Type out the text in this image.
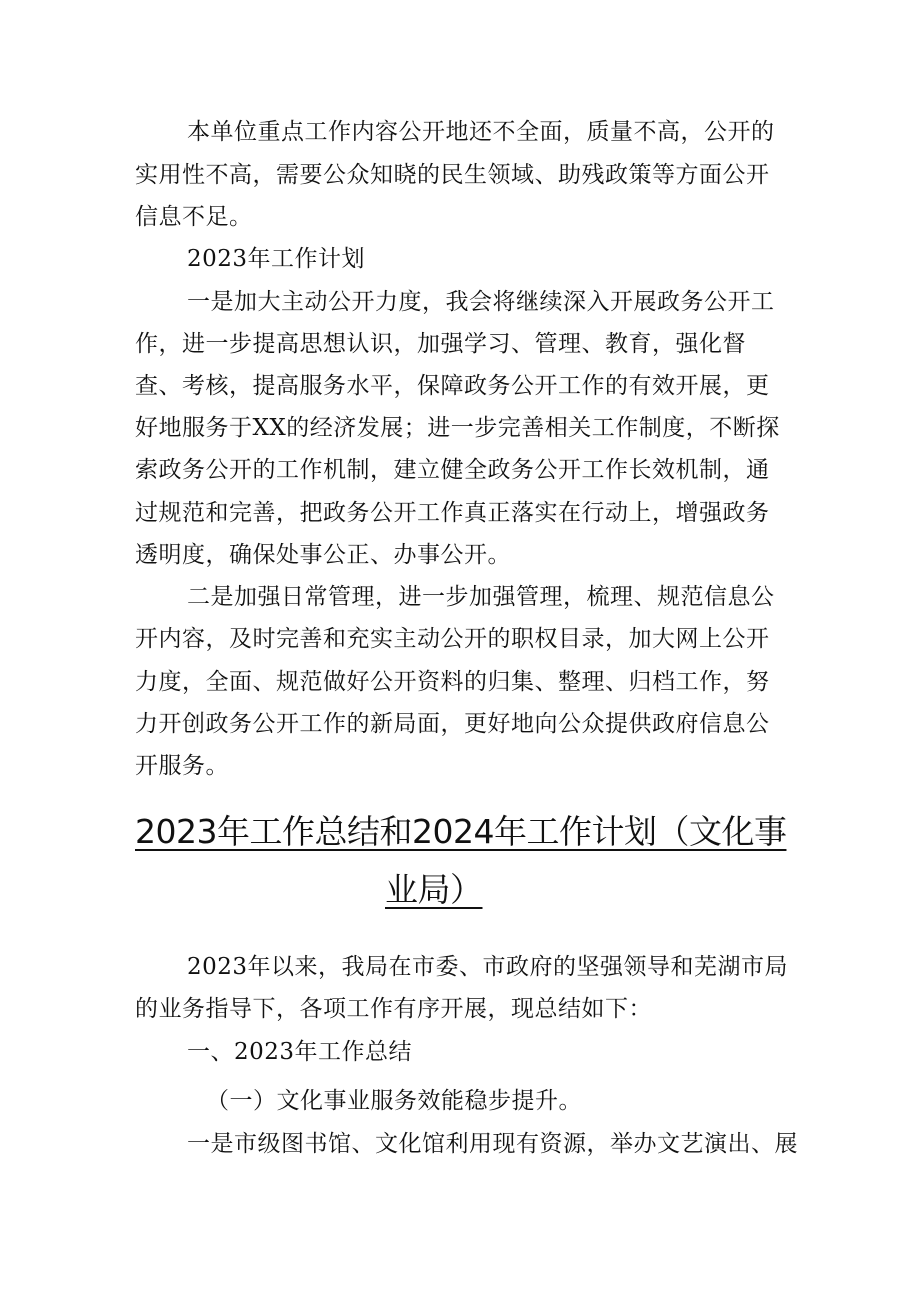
本单位重点工作内容公开地还不全面，质量不高，公开的
实用性不高，需要公众知晓的民生领域、助残政策等方面公开
信息不足。
2023年工作计划
一是加大主动公开力度，我会将继续深入开展政务公开工
作，进一步提高思想认识，加强学习、管理、教育，强化督
查、考核，提高服务水平，保障政务公开工作的有效开展，更
好地服务于XX的经济发展；进一步完善相关工作制度，不断探
索政务公开的工作机制，建立健全政务公开工作长效机制，通
过规范和完善，把政务公开工作真正落实在行动上，增强政务
透明度，确保处事公正、办事公开。
二是加强日常管理，进一步加强管理，梳理、规范信息公
开内容，及时完善和充实主动公开的职权目录，加大网上公开
力度，全面、规范做好公开资料的归集、整理、归档工作，努
力开创政务公开工作的新局面，更好地向公众提供政府信息公
开服务。
2023年工作总结和2024年工作计划（文化事
业局）
2023年以来，我局在市委、市政府的坚强领导和芜湖市局
的业务指导下，各项工作有序开展，现总结如下：
一、2023年工作总结
（一）文化事业服务效能稳步提升。
一是市级图书馆、文化馆利用现有资源，举办文艺演出、展
